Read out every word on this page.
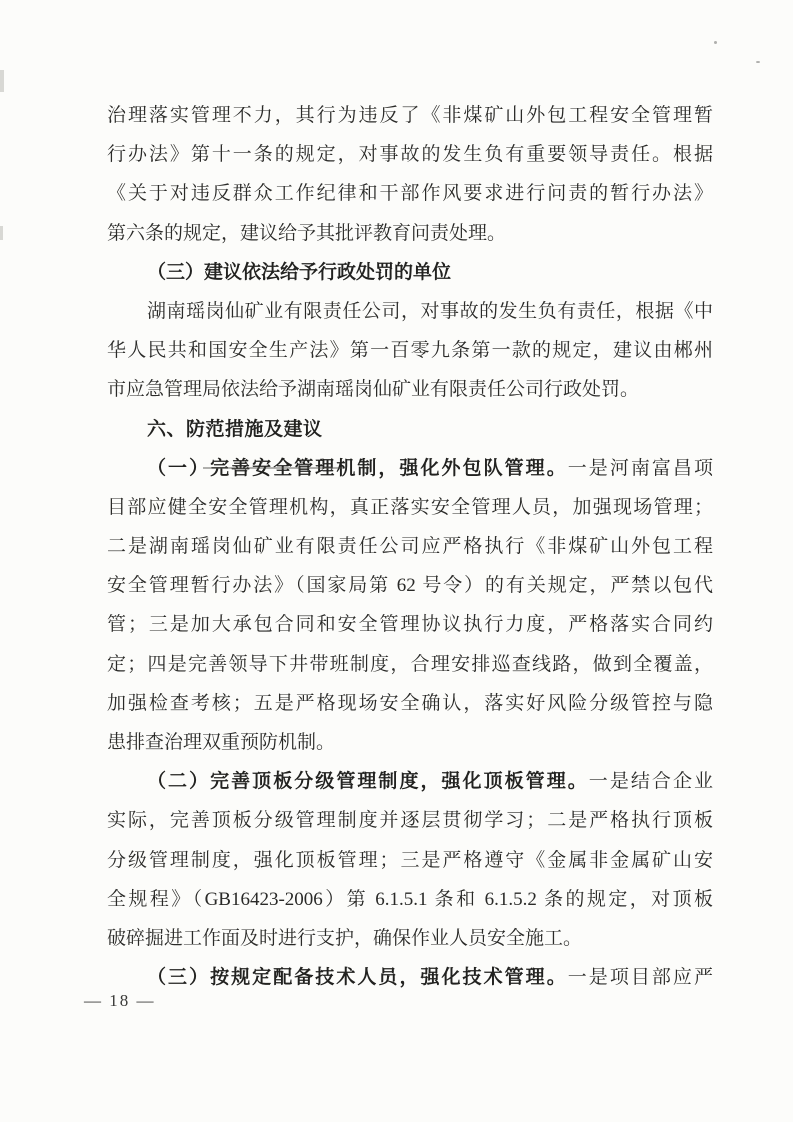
治理落实管理不力，其行为违反了《非煤矿山外包工程安全管理暂
行办法》第十一条的规定，对事故的发生负有重要领导责任。根据
《关于对违反群众工作纪律和干部作风要求进行问责的暂行办法》
第六条的规定，建议给予其批评教育问责处理。
（三）建议依法给予行政处罚的单位
湖南瑶岗仙矿业有限责任公司，对事故的发生负有责任，根据《中
华人民共和国安全生产法》第一百零九条第一款的规定，建议由郴州
市应急管理局依法给予湖南瑶岗仙矿业有限责任公司行政处罚。
六、防范措施及建议
（一）完善安全管理机制，强化外包队管理。一是河南富昌项
目部应健全安全管理机构，真正落实安全管理人员，加强现场管理；
二是湖南瑶岗仙矿业有限责任公司应严格执行《非煤矿山外包工程
安全管理暂行办法》（国家局第 62 号令）的有关规定，严禁以包代
管；三是加大承包合同和安全管理协议执行力度，严格落实合同约
定；四是完善领导下井带班制度，合理安排巡查线路，做到全覆盖，
加强检查考核；五是严格现场安全确认，落实好风险分级管控与隐
患排查治理双重预防机制。
（二）完善顶板分级管理制度，强化顶板管理。一是结合企业
实际，完善顶板分级管理制度并逐层贯彻学习；二是严格执行顶板
分级管理制度，强化顶板管理；三是严格遵守《金属非金属矿山安
全规程》（GB16423-2006）第 6.1.5.1 条和 6.1.5.2 条的规定，对顶板
破碎掘进工作面及时进行支护，确保作业人员安全施工。
（三）按规定配备技术人员，强化技术管理。一是项目部应严
— 18 —
